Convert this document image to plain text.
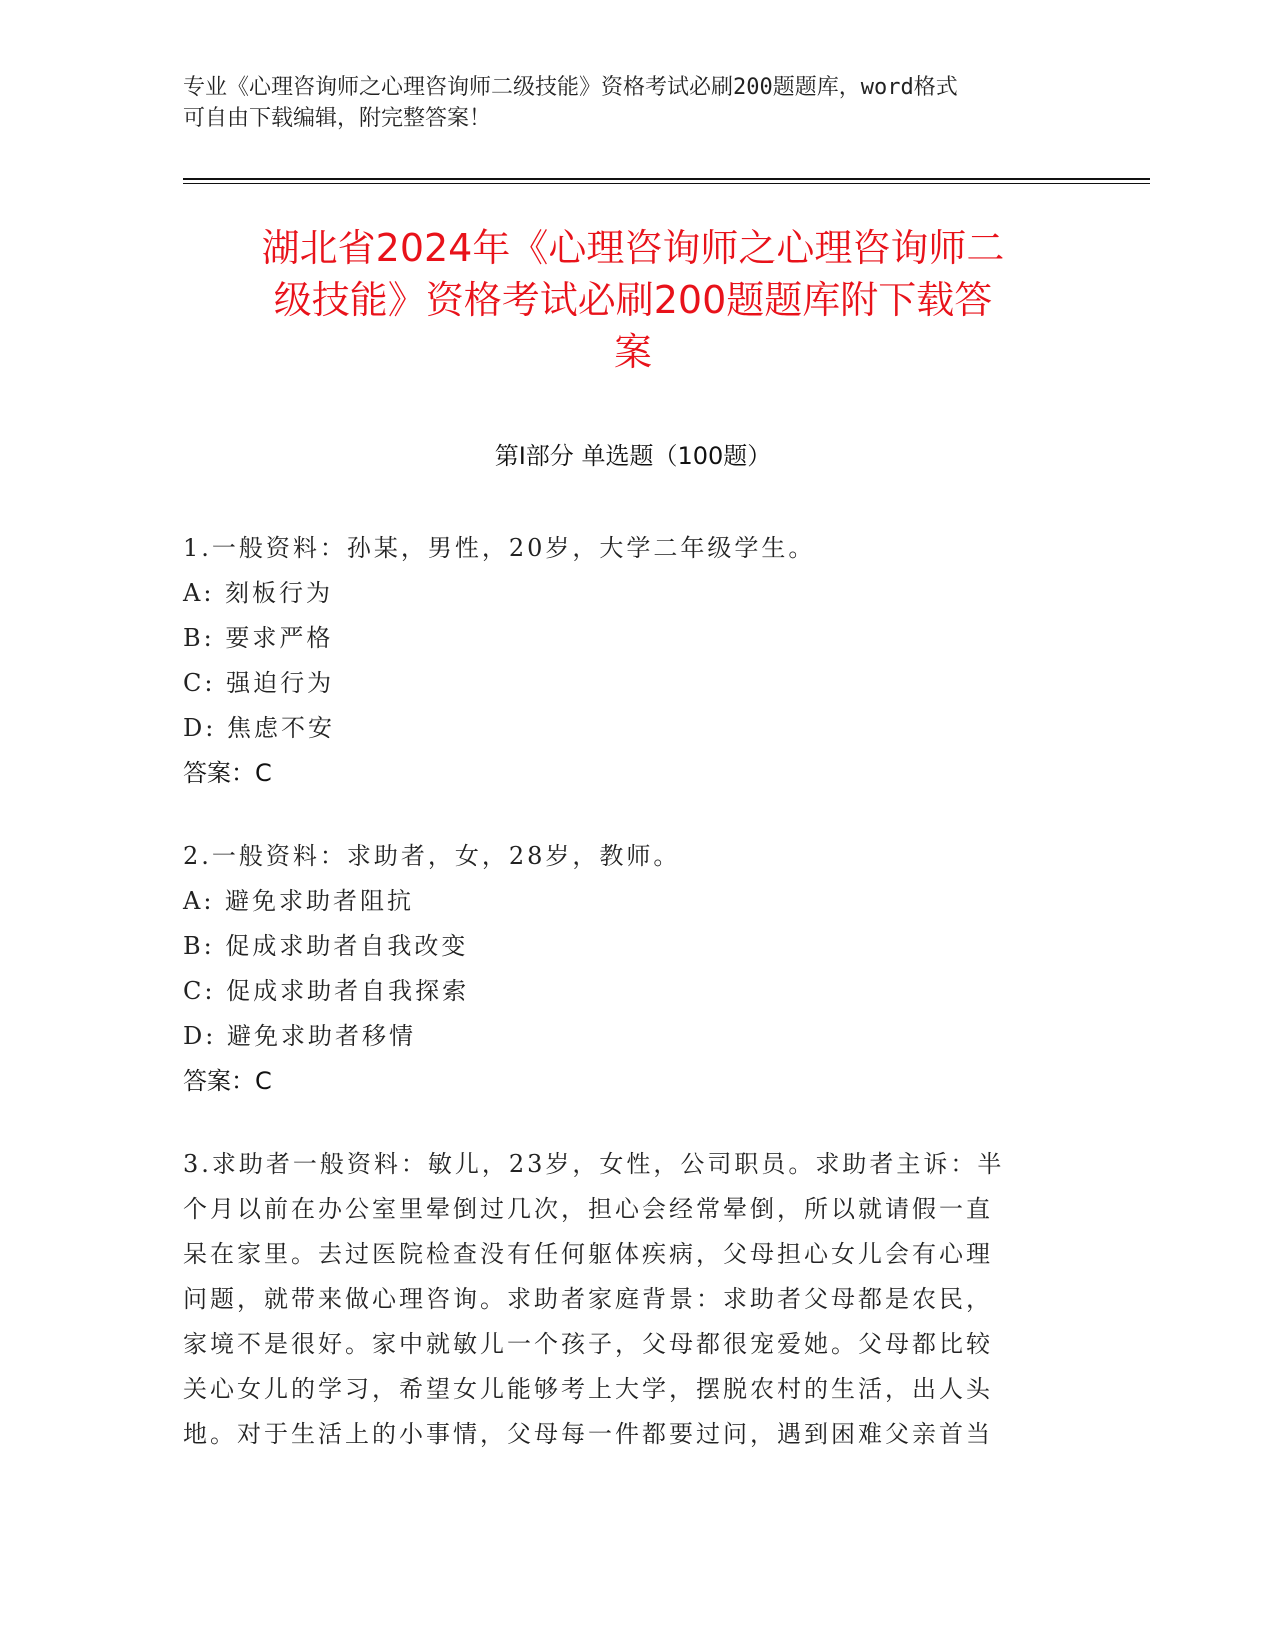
专业《心理咨询师之心理咨询师二级技能》资格考试必刷200题题库，word格式
可自由下载编辑，附完整答案！
湖北省2024年《心理咨询师之心理咨询师二
级技能》资格考试必刷200题题库附下载答
案
第I部分 单选题（100题）
1.一般资料：孙某，男性，20岁，大学二年级学生。
A: 刻板行为
B: 要求严格
C: 强迫行为
D: 焦虑不安
答案：C
2.一般资料：求助者，女，28岁，教师。
A: 避免求助者阻抗
B: 促成求助者自我改变
C: 促成求助者自我探索
D: 避免求助者移情
答案：C
3.求助者一般资料：敏儿，23岁，女性，公司职员。求助者主诉：半
个月以前在办公室里晕倒过几次，担心会经常晕倒，所以就请假一直
呆在家里。去过医院检查没有任何躯体疾病，父母担心女儿会有心理
问题，就带来做心理咨询。求助者家庭背景：求助者父母都是农民，
家境不是很好。家中就敏儿一个孩子，父母都很宠爱她。父母都比较
关心女儿的学习，希望女儿能够考上大学，摆脱农村的生活，出人头
地。对于生活上的小事情，父母每一件都要过问，遇到困难父亲首当
